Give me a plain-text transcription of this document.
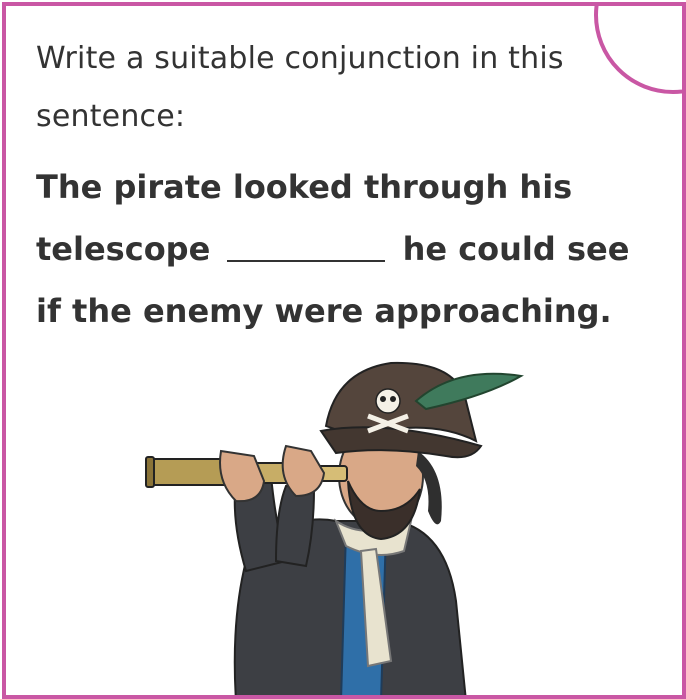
Write a suitable conjunction in this sentence:
The pirate looked through his telescope	he could see if the enemy were approaching.
